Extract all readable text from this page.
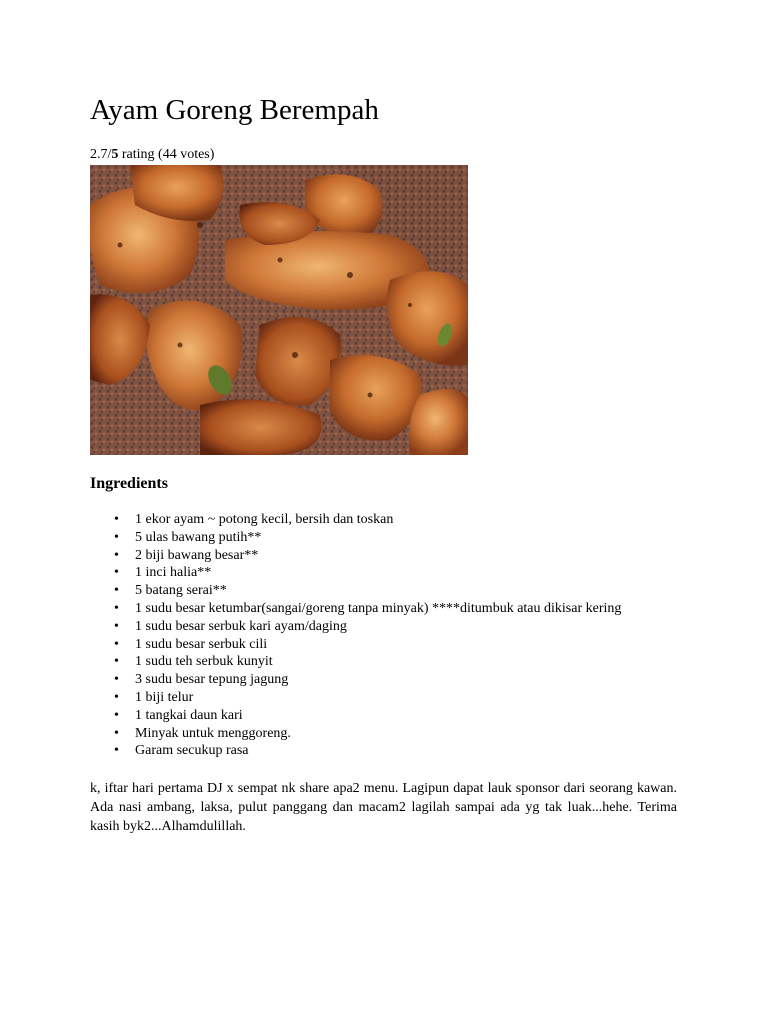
Ayam Goreng Berempah
2.7/5 rating (44 votes)
Ingredients
• 1 ekor ayam ~ potong kecil, bersih dan toskan
• 5 ulas bawang putih**
• 2 biji bawang besar**
• 1 inci halia**
• 5 batang serai**
• 1 sudu besar ketumbar(sangai/goreng tanpa minyak) ****ditumbuk atau dikisar kering
• 1 sudu besar serbuk kari ayam/daging
• 1 sudu besar serbuk cili
• 1 sudu teh serbuk kunyit
• 3 sudu besar tepung jagung
• 1 biji telur
• 1 tangkai daun kari
• Minyak untuk menggoreng.
• Garam secukup rasa

k, iftar hari pertama DJ x sempat nk share apa2 menu. Lagipun dapat lauk sponsor dari seorang kawan. Ada nasi ambang, laksa, pulut panggang dan macam2 lagilah sampai ada yg tak luak...hehe. Terima kasih byk2...Alhamdulillah.
